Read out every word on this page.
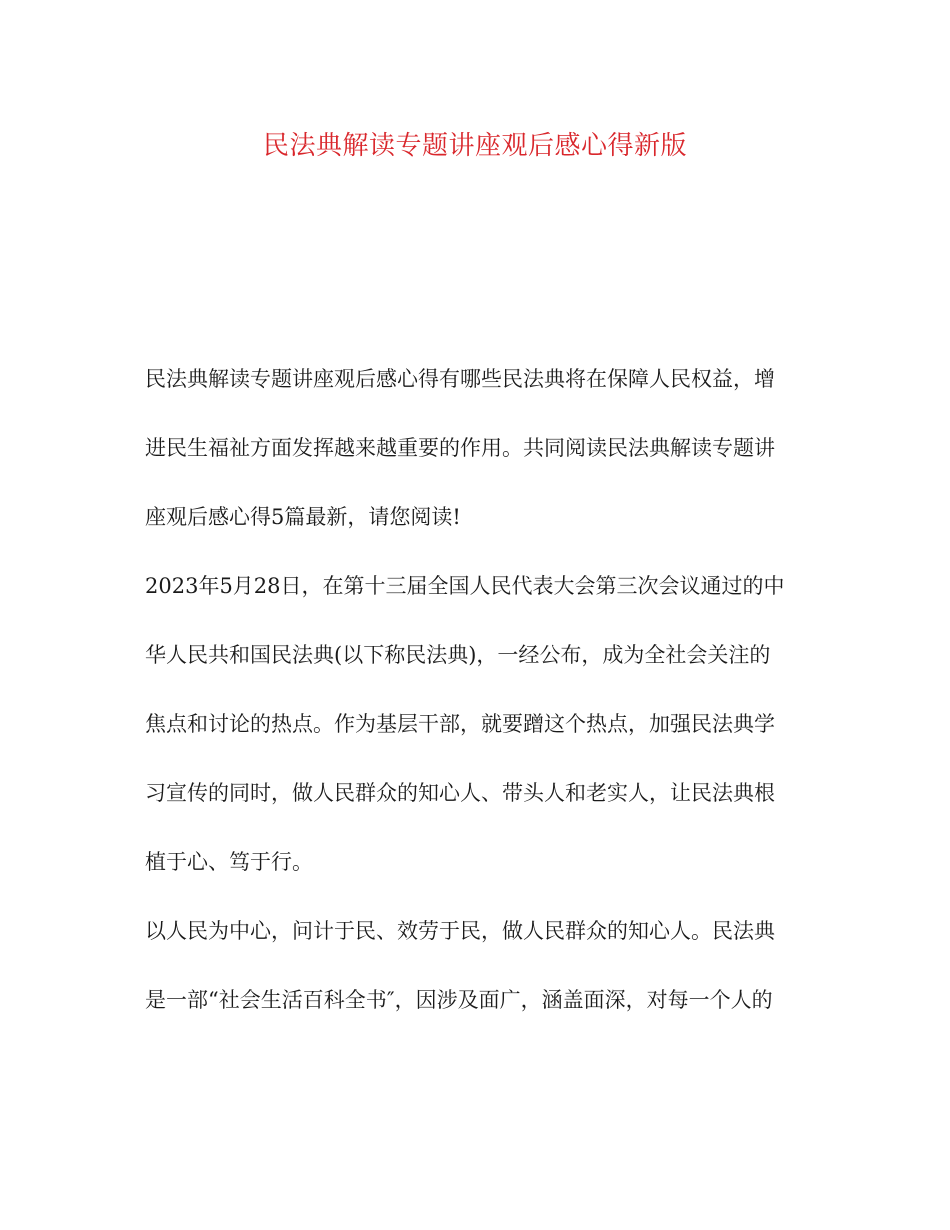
民法典解读专题讲座观后感心得新版
民法典解读专题讲座观后感心得有哪些民法典将在保障人民权益，增
进民生福祉方面发挥越来越重要的作用。共同阅读民法典解读专题讲
座观后感心得5篇最新，请您阅读!
2023年5月28日，在第十三届全国人民代表大会第三次会议通过的中
华人民共和国民法典(以下称民法典)，一经公布，成为全社会关注的
焦点和讨论的热点。作为基层干部，就要蹭这个热点，加强民法典学
习宣传的同时，做人民群众的知心人、带头人和老实人，让民法典根
植于心、笃于行。
以人民为中心，问计于民、效劳于民，做人民群众的知心人。民法典
是一部“社会生活百科全书″，因涉及面广，涵盖面深，对每一个人的
